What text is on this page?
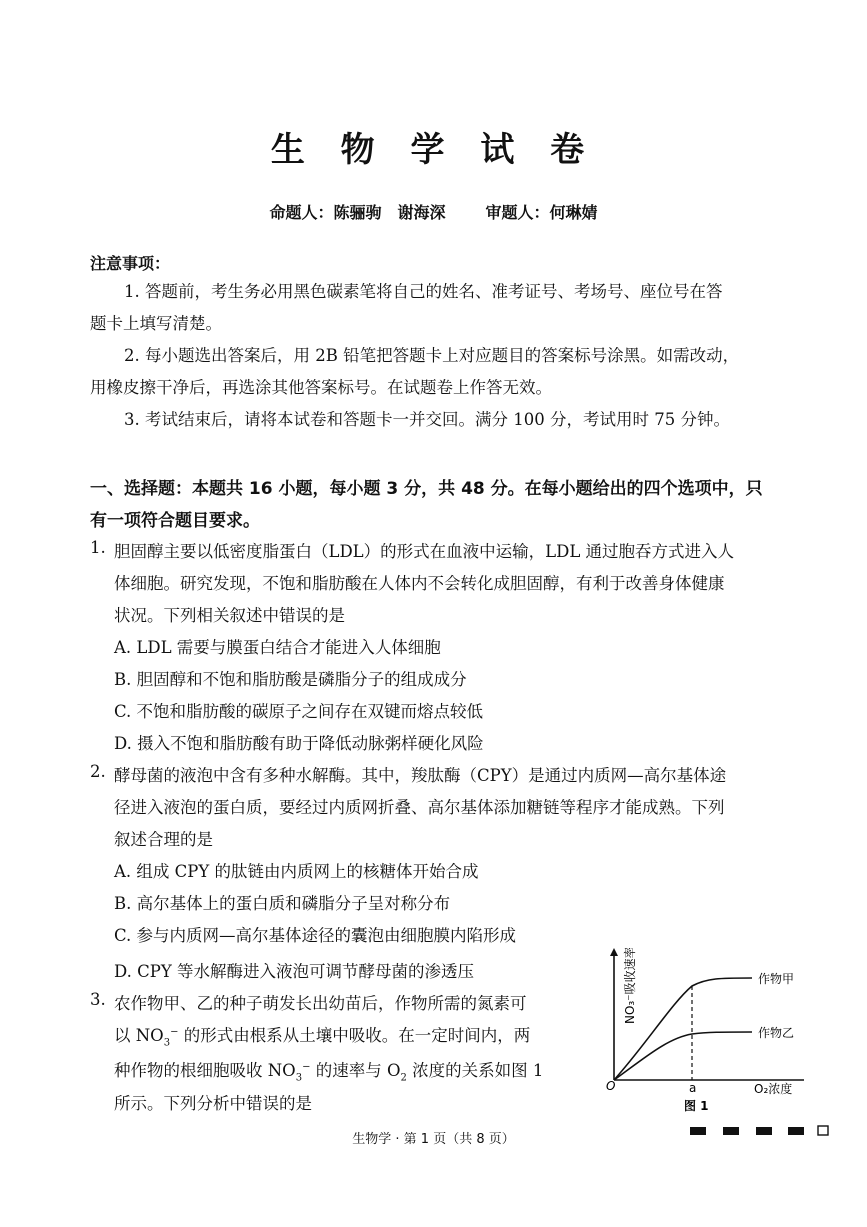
生 物 学 试 卷
命题人：陈骊驹　谢海深	审题人：何琳婧
注意事项：
1. 答题前，考生务必用黑色碳素笔将自己的姓名、准考证号、考场号、座位号在答
题卡上填写清楚。
2. 每小题选出答案后，用 2B 铅笔把答题卡上对应题目的答案标号涂黑。如需改动，
用橡皮擦干净后，再选涂其他答案标号。在试题卷上作答无效。
3. 考试结束后，请将本试卷和答题卡一并交回。满分 100 分，考试用时 75 分钟。
一、选择题：本题共 16 小题，每小题 3 分，共 48 分。在每小题给出的四个选项中，只
有一项符合题目要求。
1. 胆固醇主要以低密度脂蛋白（LDL）的形式在血液中运输，LDL 通过胞吞方式进入人
体细胞。研究发现，不饱和脂肪酸在人体内不会转化成胆固醇，有利于改善身体健康
状况。下列相关叙述中错误的是
A. LDL 需要与膜蛋白结合才能进入人体细胞
B. 胆固醇和不饱和脂肪酸是磷脂分子的组成成分
C. 不饱和脂肪酸的碳原子之间存在双键而熔点较低
D. 摄入不饱和脂肪酸有助于降低动脉粥样硬化风险
2. 酵母菌的液泡中含有多种水解酶。其中，羧肽酶（CPY）是通过内质网—高尔基体途
径进入液泡的蛋白质，要经过内质网折叠、高尔基体添加糖链等程序才能成熟。下列
叙述合理的是
A. 组成 CPY 的肽链由内质网上的核糖体开始合成
B. 高尔基体上的蛋白质和磷脂分子呈对称分布
C. 参与内质网—高尔基体途径的囊泡由细胞膜内陷形成
D. CPY 等水解酶进入液泡可调节酵母菌的渗透压
3. 农作物甲、乙的种子萌发长出幼苗后，作物所需的氮素可
以 $NO_3^-$ 的形式由根系从土壤中吸收。在一定时间内，两
种作物的根细胞吸收 $NO_3^-$ 的速率与 $O_2$ 浓度的关系如图 1
所示。下列分析中错误的是
NO₃⁻吸收速率
O	a	O₂浓度
作物甲
作物乙
图 1
生物学 · 第 1 页（共 8 页）
